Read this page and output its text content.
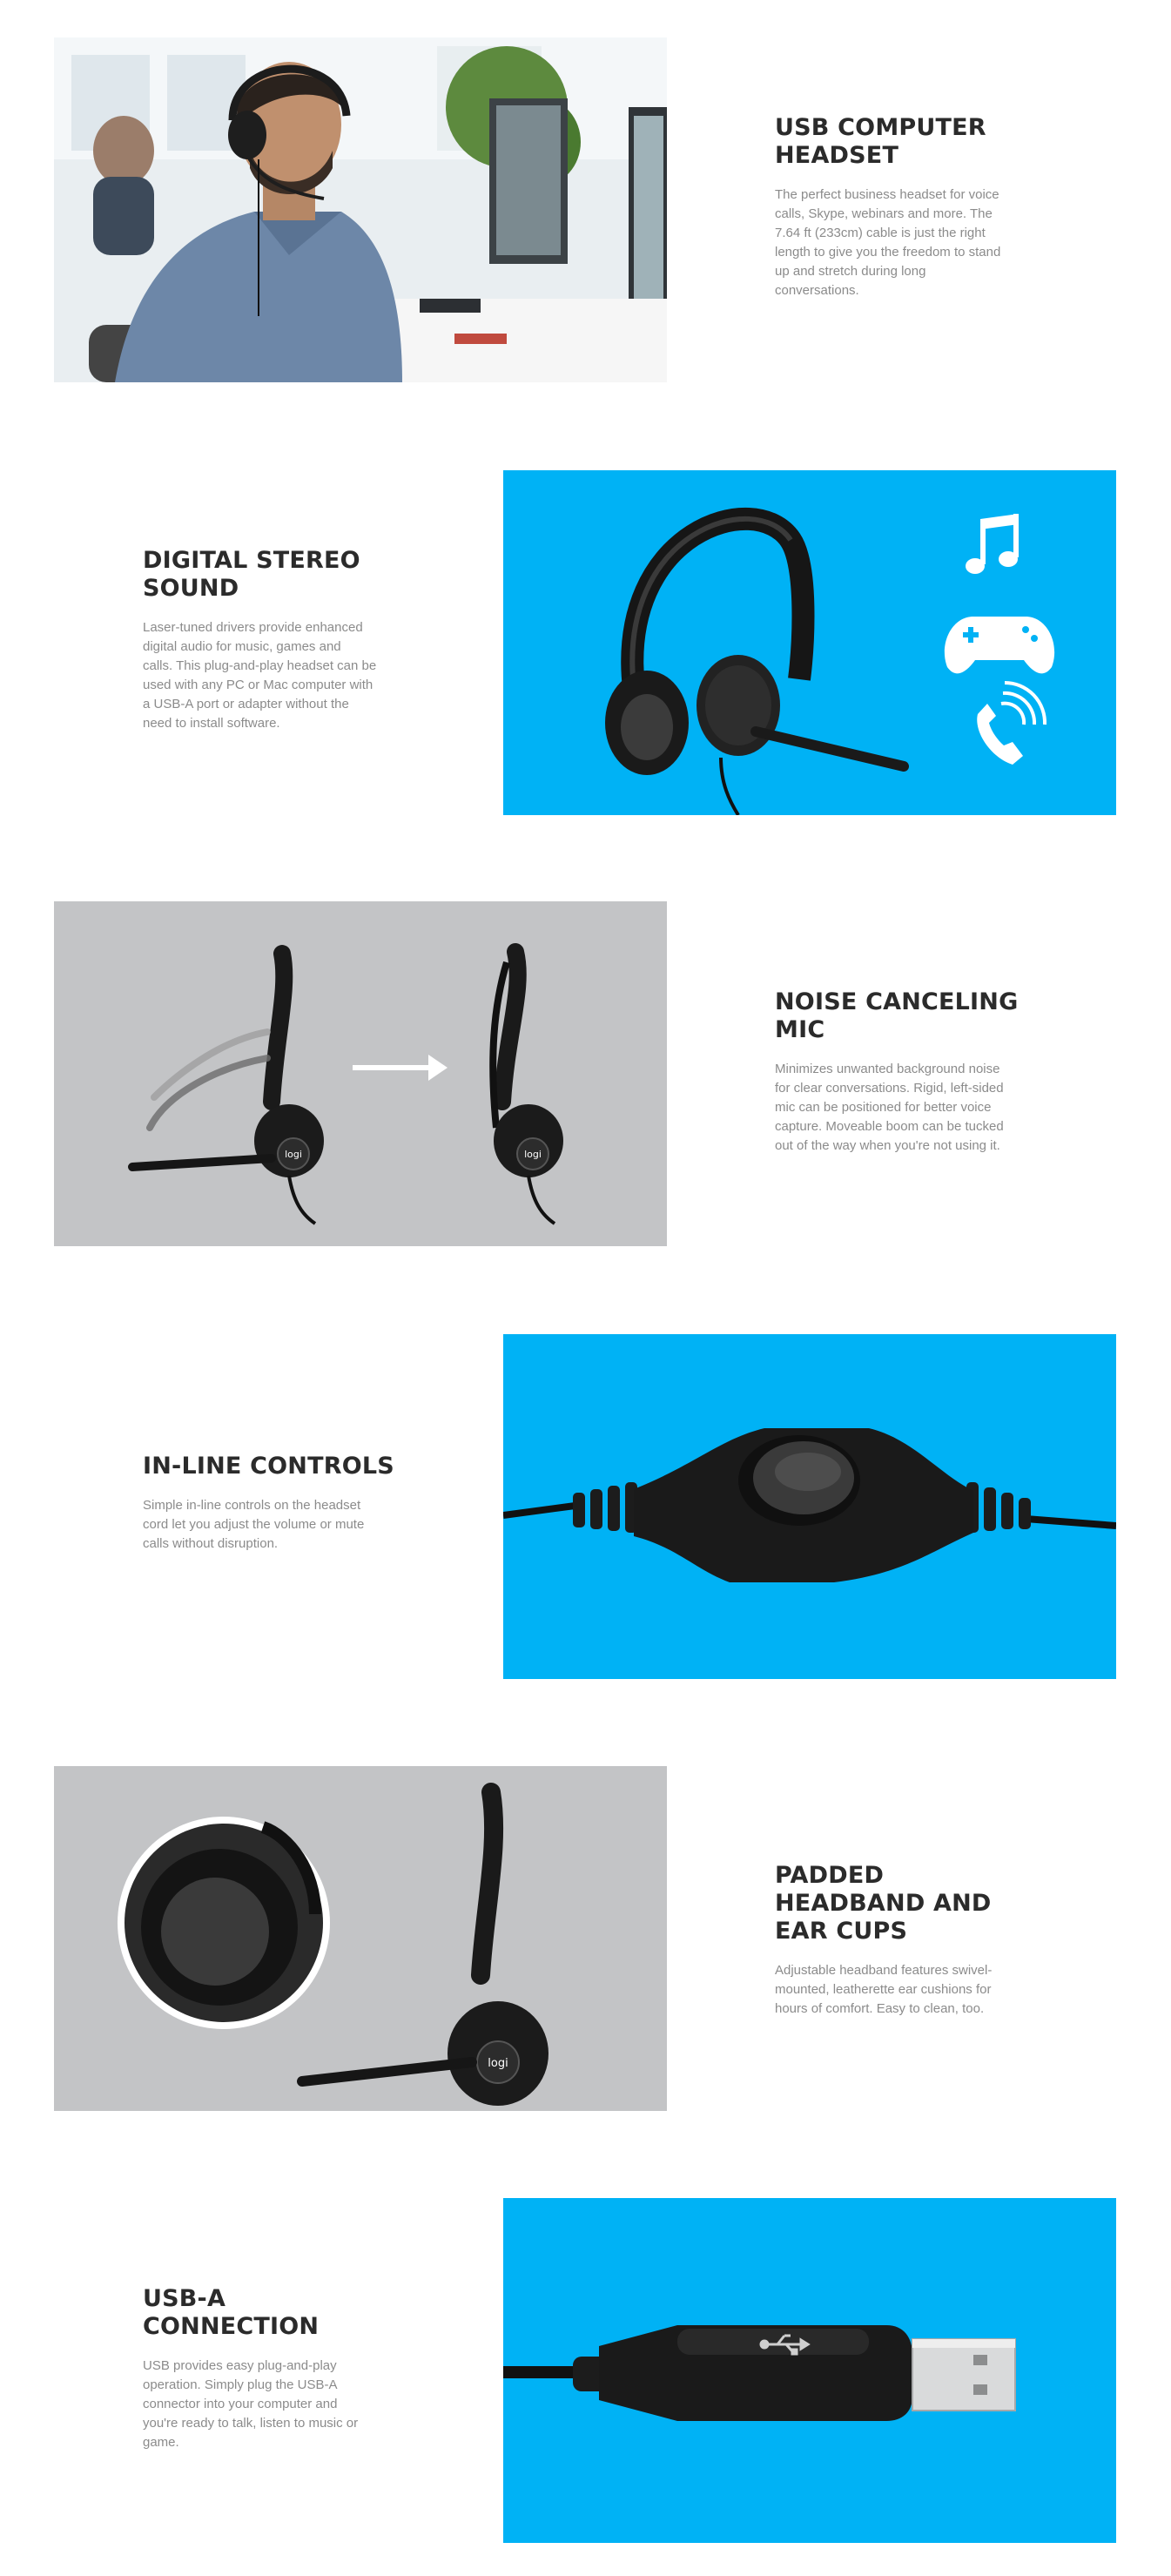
USB COMPUTER
HEADSET

The perfect business headset for voice
calls, Skype, webinars and more. The
7.64 ft (233cm) cable is just the right
length to give you the freedom to stand
up and stretch during long
conversations.

DIGITAL STEREO
SOUND

Laser-tuned drivers provide enhanced
digital audio for music, games and
calls. This plug-and-play headset can be
used with any PC or Mac computer with
a USB-A port or adapter without the
need to install software.

logi	logi
NOISE CANCELING
MIC

Minimizes unwanted background noise
for clear conversations. Rigid, left-sided
mic can be positioned for better voice
capture. Moveable boom can be tucked
out of the way when you're not using it.

IN-LINE CONTROLS

Simple in-line controls on the headset
cord let you adjust the volume or mute
calls without disruption.

logi
PADDED
HEADBAND AND
EAR CUPS

Adjustable headband features swivel-
mounted, leatherette ear cushions for
hours of comfort. Easy to clean, too.

USB-A
CONNECTION

USB provides easy plug-and-play
operation. Simply plug the USB-A
connector into your computer and
you're ready to talk, listen to music or
game.
